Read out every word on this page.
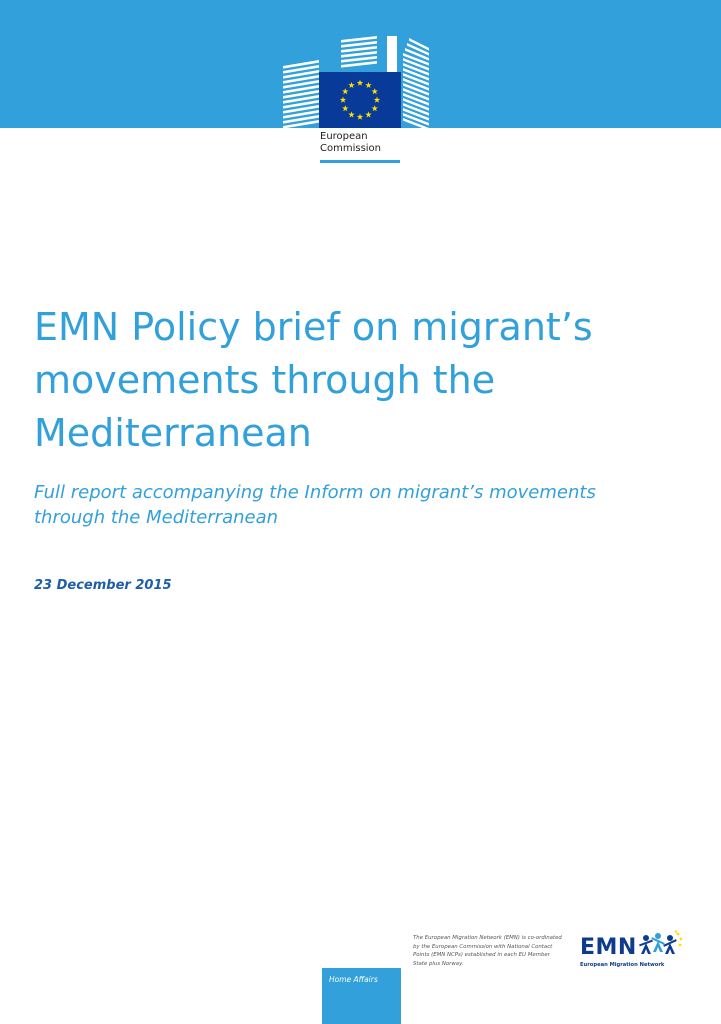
European
Commission
EMN Policy brief on migrant’s
movements through the
Mediterranean

Full report accompanying the Inform on migrant’s movements
through the Mediterranean

23 December 2015

The European Migration Network (EMN) is co-ordinated
by the European Commission with National Contact
Points (EMN NCPs) established in each EU Member
State plus Norway.

EMN
European Migration Network
Home Affairs
